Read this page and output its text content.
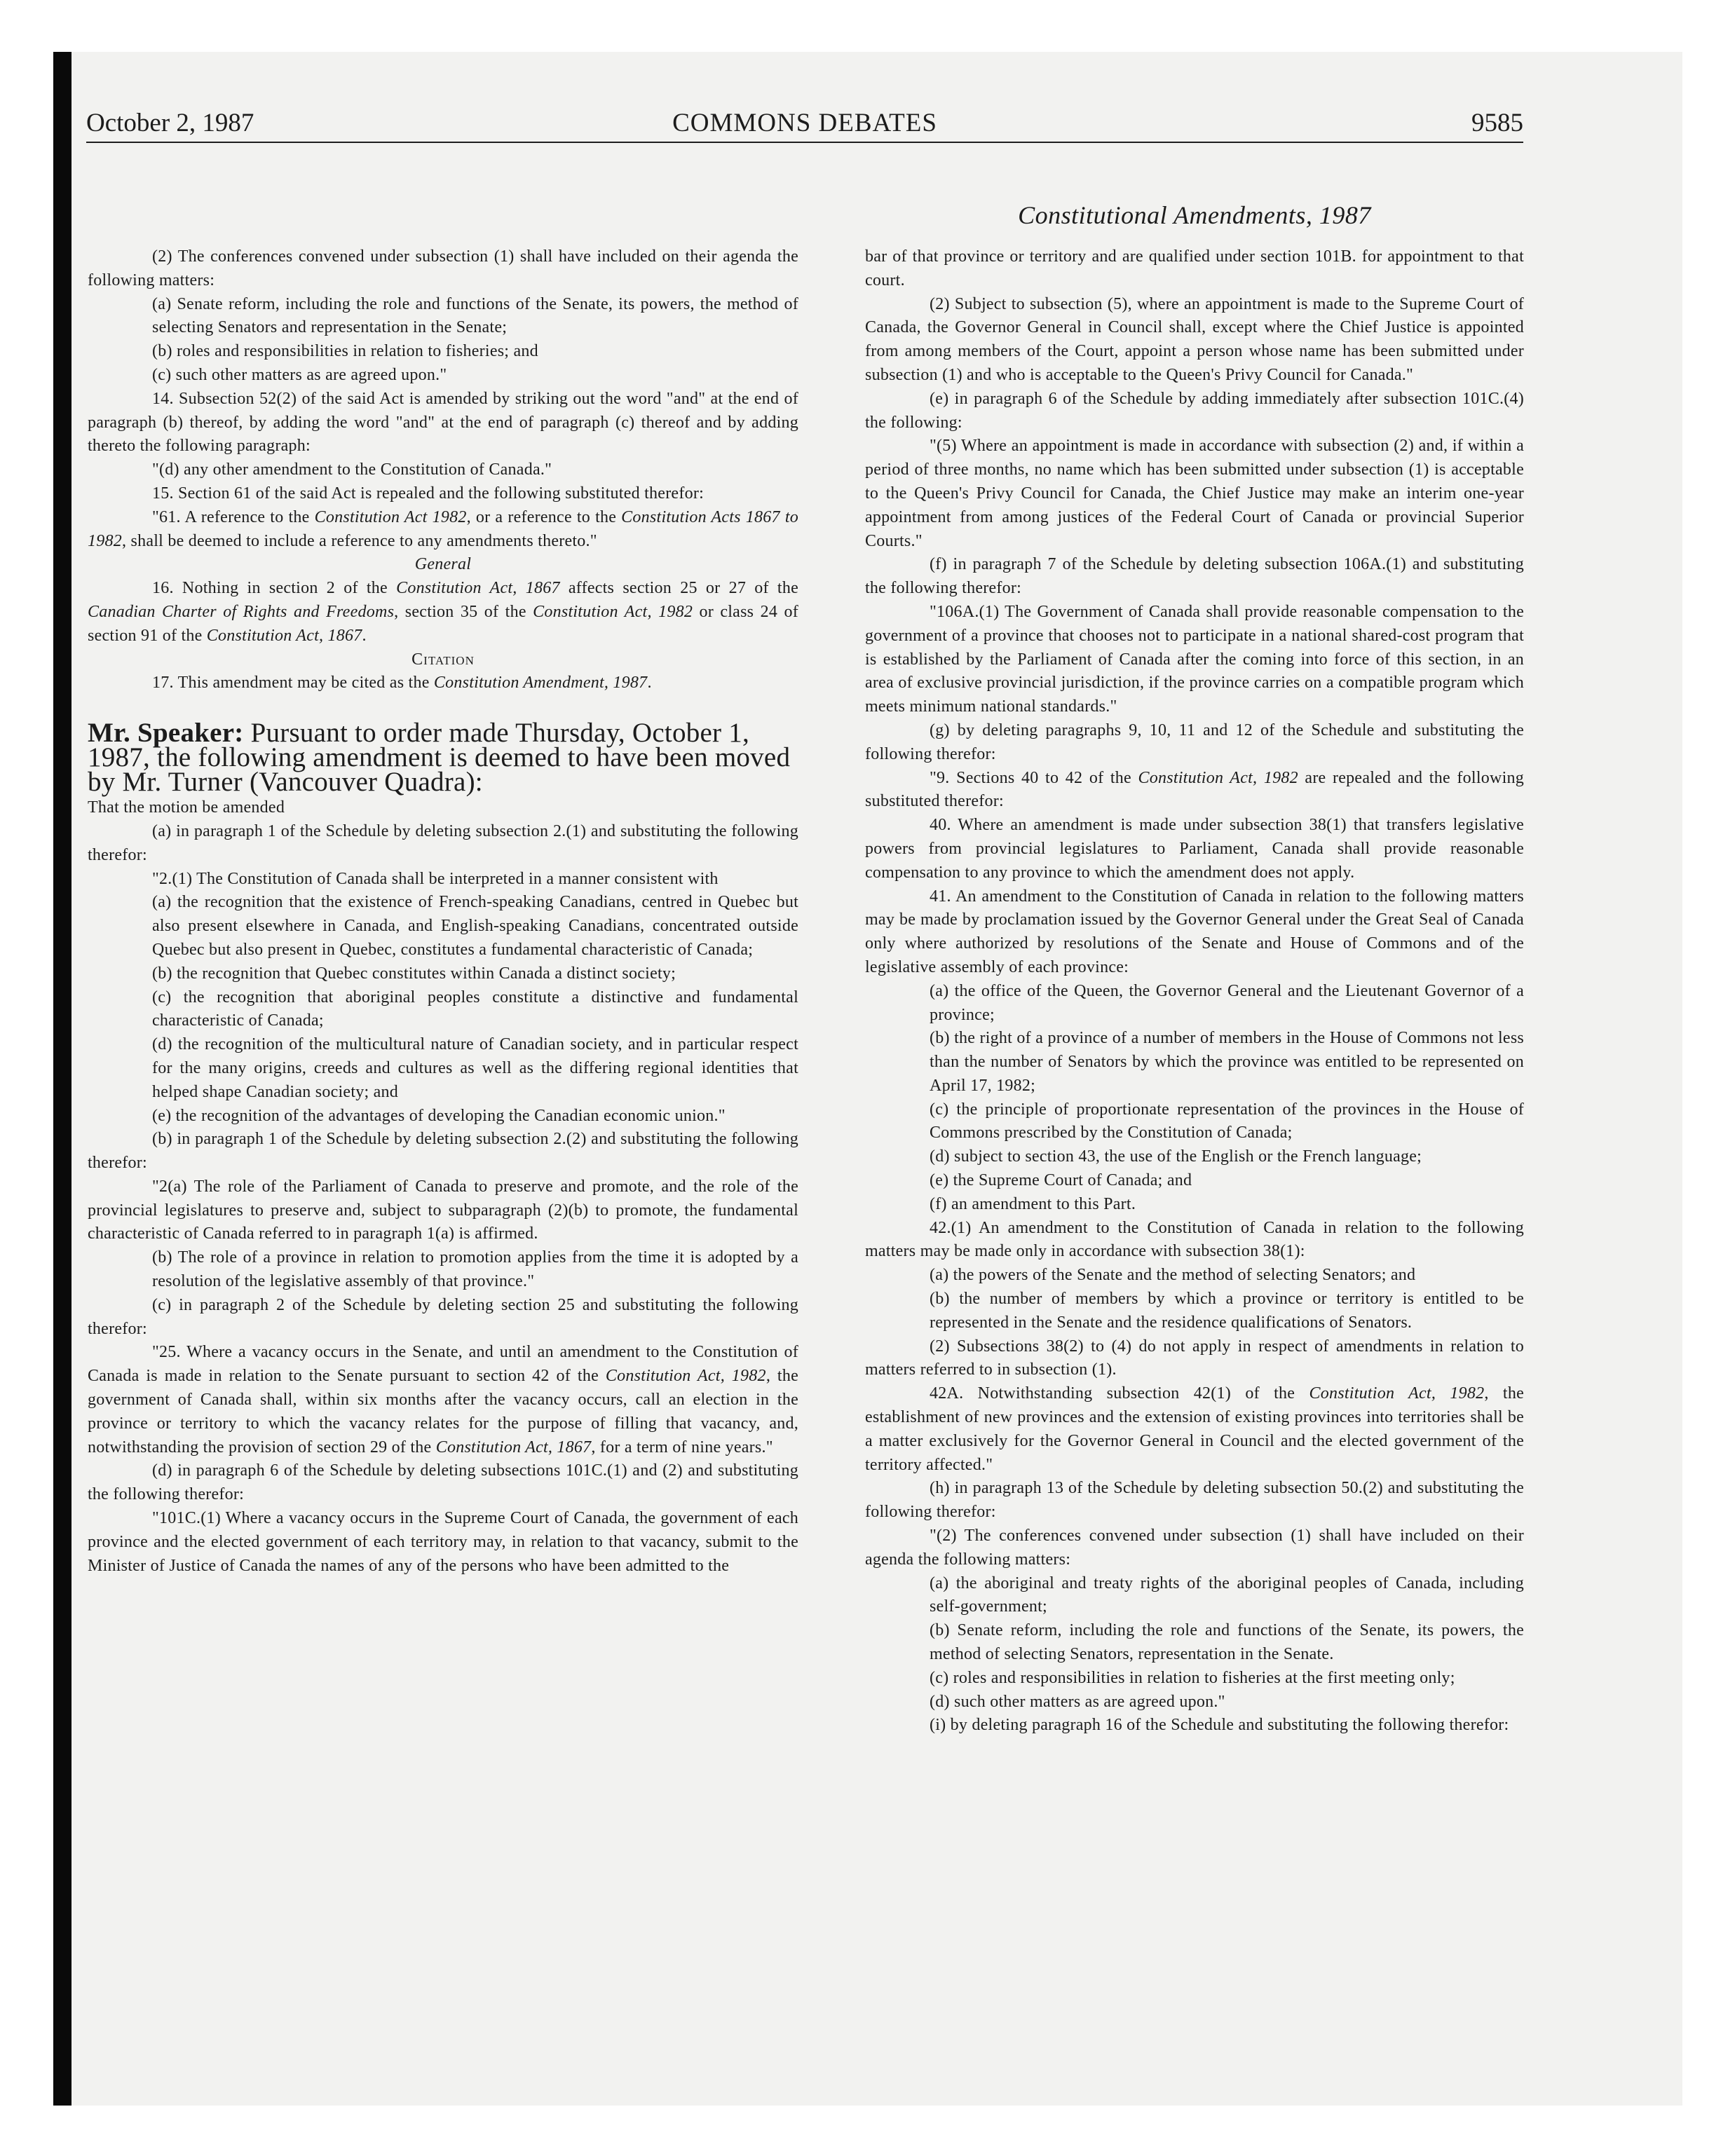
October 2, 1987	COMMONS DEBATES	9585
Constitutional Amendments, 1987

(2) The conferences convened under subsection (1) shall have included on their agenda the following matters:

(a) Senate reform, including the role and functions of the Senate, its powers, the method of selecting Senators and representation in the Senate;

(b) roles and responsibilities in relation to fisheries; and

(c) such other matters as are agreed upon."

14. Subsection 52(2) of the said Act is amended by striking out the word "and" at the end of paragraph (b) thereof, by adding the word "and" at the end of paragraph (c) thereof and by adding thereto the following paragraph:

"(d) any other amendment to the Constitution of Canada."

15. Section 61 of the said Act is repealed and the following substituted therefor:

"61. A reference to the Constitution Act 1982, or a reference to the Constitution Acts 1867 to 1982, shall be deemed to include a reference to any amendments thereto."

General

16. Nothing in section 2 of the Constitution Act, 1867 affects section 25 or 27 of the Canadian Charter of Rights and Freedoms, section 35 of the Constitution Act, 1982 or class 24 of section 91 of the Constitution Act, 1867.

Citation

17. This amendment may be cited as the Constitution Amendment, 1987.

Mr. Speaker: Pursuant to order made Thursday, October 1, 1987, the following amendment is deemed to have been moved by Mr. Turner (Vancouver Quadra):

That the motion be amended

(a) in paragraph 1 of the Schedule by deleting subsection 2.(1) and substituting the following therefor:

"2.(1) The Constitution of Canada shall be interpreted in a manner consistent with

(a) the recognition that the existence of French-speaking Canadians, centred in Quebec but also present elsewhere in Canada, and English-speaking Canadians, concentrated outside Quebec but also present in Quebec, constitutes a fundamental characteristic of Canada;

(b) the recognition that Quebec constitutes within Canada a distinct society;

(c) the recognition that aboriginal peoples constitute a distinctive and fundamental characteristic of Canada;

(d) the recognition of the multicultural nature of Canadian society, and in particular respect for the many origins, creeds and cultures as well as the differing regional identities that helped shape Canadian society; and

(e) the recognition of the advantages of developing the Canadian economic union."

(b) in paragraph 1 of the Schedule by deleting subsection 2.(2) and substituting the following therefor:

"2(a) The role of the Parliament of Canada to preserve and promote, and the role of the provincial legislatures to preserve and, subject to subparagraph (2)(b) to promote, the fundamental characteristic of Canada referred to in paragraph 1(a) is affirmed.

(b) The role of a province in relation to promotion applies from the time it is adopted by a resolution of the legislative assembly of that province."

(c) in paragraph 2 of the Schedule by deleting section 25 and substituting the following therefor:

"25. Where a vacancy occurs in the Senate, and until an amendment to the Constitution of Canada is made in relation to the Senate pursuant to section 42 of the Constitution Act, 1982, the government of Canada shall, within six months after the vacancy occurs, call an election in the province or territory to which the vacancy relates for the purpose of filling that vacancy, and, notwithstanding the provision of section 29 of the Constitution Act, 1867, for a term of nine years."

(d) in paragraph 6 of the Schedule by deleting subsections 101C.(1) and (2) and substituting the following therefor:

"101C.(1) Where a vacancy occurs in the Supreme Court of Canada, the government of each province and the elected government of each territory may, in relation to that vacancy, submit to the Minister of Justice of Canada the names of any of the persons who have been admitted to the

bar of that province or territory and are qualified under section 101B. for appointment to that court.

(2) Subject to subsection (5), where an appointment is made to the Supreme Court of Canada, the Governor General in Council shall, except where the Chief Justice is appointed from among members of the Court, appoint a person whose name has been submitted under subsection (1) and who is acceptable to the Queen's Privy Council for Canada."

(e) in paragraph 6 of the Schedule by adding immediately after subsection 101C.(4) the following:

"(5) Where an appointment is made in accordance with subsection (2) and, if within a period of three months, no name which has been submitted under subsection (1) is acceptable to the Queen's Privy Council for Canada, the Chief Justice may make an interim one-year appointment from among justices of the Federal Court of Canada or provincial Superior Courts."

(f) in paragraph 7 of the Schedule by deleting subsection 106A.(1) and substituting the following therefor:

"106A.(1) The Government of Canada shall provide reasonable compensation to the government of a province that chooses not to participate in a national shared-cost program that is established by the Parliament of Canada after the coming into force of this section, in an area of exclusive provincial jurisdiction, if the province carries on a compatible program which meets minimum national standards."

(g) by deleting paragraphs 9, 10, 11 and 12 of the Schedule and substituting the following therefor:

"9. Sections 40 to 42 of the Constitution Act, 1982 are repealed and the following substituted therefor:

40. Where an amendment is made under subsection 38(1) that transfers legislative powers from provincial legislatures to Parliament, Canada shall provide reasonable compensation to any province to which the amendment does not apply.

41. An amendment to the Constitution of Canada in relation to the following matters may be made by proclamation issued by the Governor General under the Great Seal of Canada only where authorized by resolutions of the Senate and House of Commons and of the legislative assembly of each province:

(a) the office of the Queen, the Governor General and the Lieutenant Governor of a province;

(b) the right of a province of a number of members in the House of Commons not less than the number of Senators by which the province was entitled to be represented on April 17, 1982;

(c) the principle of proportionate representation of the provinces in the House of Commons prescribed by the Constitution of Canada;

(d) subject to section 43, the use of the English or the French language;

(e) the Supreme Court of Canada; and

(f) an amendment to this Part.

42.(1) An amendment to the Constitution of Canada in relation to the following matters may be made only in accordance with subsection 38(1):

(a) the powers of the Senate and the method of selecting Senators; and

(b) the number of members by which a province or territory is entitled to be represented in the Senate and the residence qualifications of Senators.

(2) Subsections 38(2) to (4) do not apply in respect of amendments in relation to matters referred to in subsection (1).

42A. Notwithstanding subsection 42(1) of the Constitution Act, 1982, the establishment of new provinces and the extension of existing provinces into territories shall be a matter exclusively for the Governor General in Council and the elected government of the territory affected."

(h) in paragraph 13 of the Schedule by deleting subsection 50.(2) and substituting the following therefor:

"(2) The conferences convened under subsection (1) shall have included on their agenda the following matters:

(a) the aboriginal and treaty rights of the aboriginal peoples of Canada, including self-government;

(b) Senate reform, including the role and functions of the Senate, its powers, the method of selecting Senators, representation in the Senate.

(c) roles and responsibilities in relation to fisheries at the first meeting only;

(d) such other matters as are agreed upon."

(i) by deleting paragraph 16 of the Schedule and substituting the following therefor:
